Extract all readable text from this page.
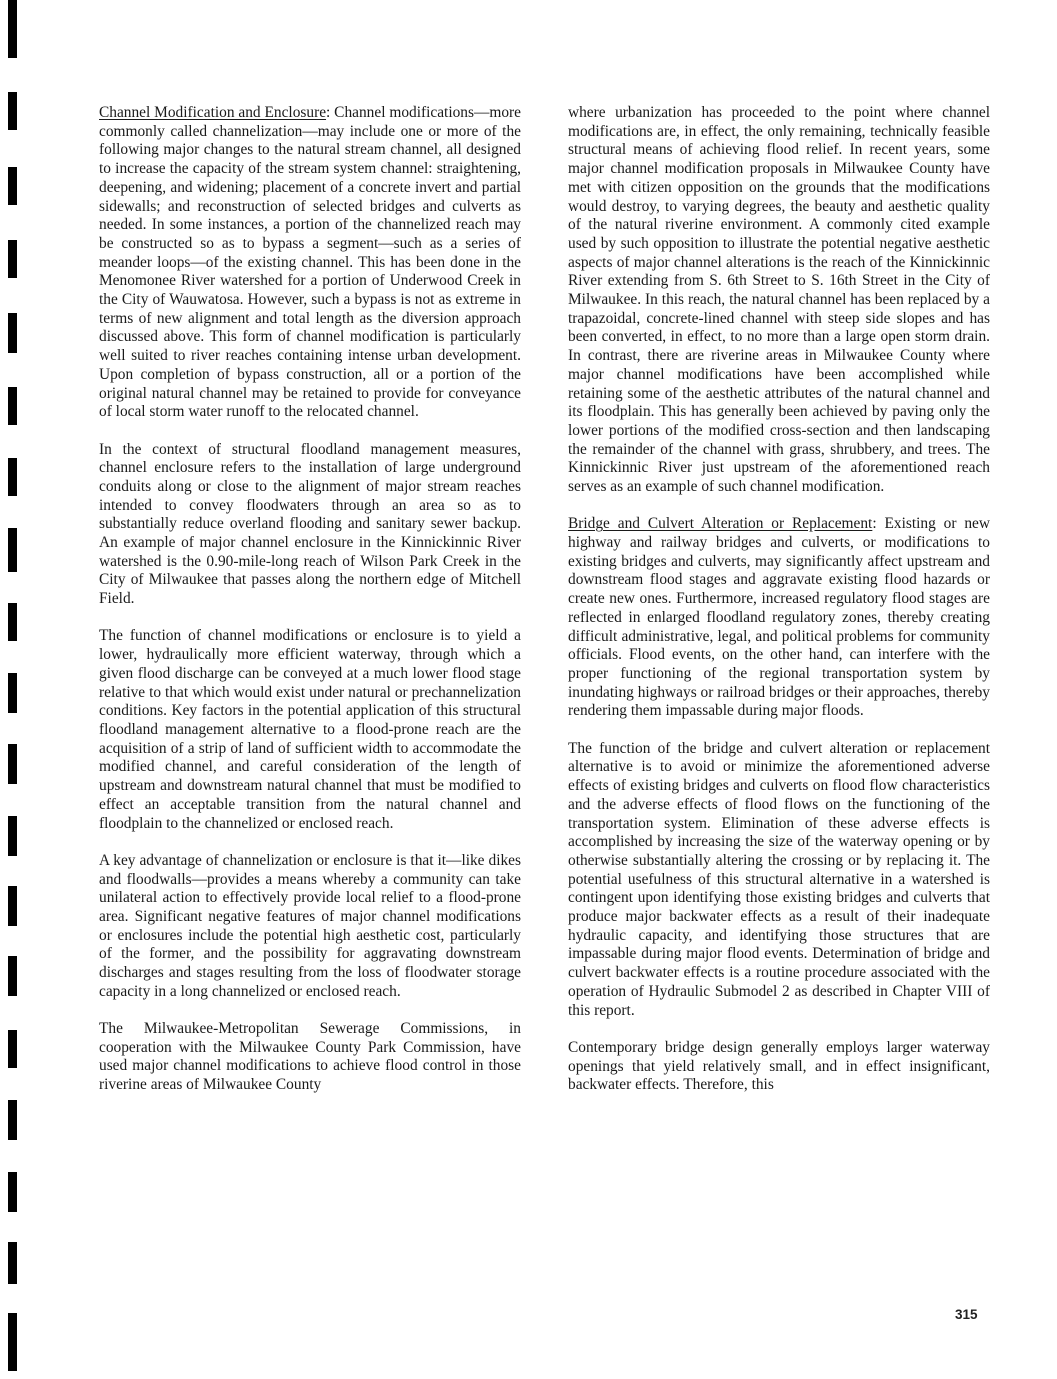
Channel Modification and Enclosure: Channel modifications—more commonly called channelization—may include one or more of the following major changes to the natural stream channel, all designed to increase the capacity of the stream system channel: straightening, deepening, and widening; placement of a concrete invert and partial sidewalls; and reconstruction of selected bridges and culverts as needed. In some instances, a portion of the channelized reach may be constructed so as to bypass a segment—such as a series of meander loops—of the existing channel. This has been done in the Menomonee River watershed for a portion of Underwood Creek in the City of Wauwatosa. However, such a bypass is not as extreme in terms of new alignment and total length as the diversion approach discussed above. This form of channel modification is particularly well suited to river reaches containing intense urban development. Upon completion of bypass construction, all or a portion of the original natural channel may be retained to provide for conveyance of local storm water runoff to the relocated channel.

In the context of structural floodland management measures, channel enclosure refers to the installation of large underground conduits along or close to the alignment of major stream reaches intended to convey floodwaters through an area so as to substantially reduce overland flooding and sanitary sewer backup. An example of major channel enclosure in the Kinnickinnic River watershed is the 0.90-mile-long reach of Wilson Park Creek in the City of Milwaukee that passes along the northern edge of Mitchell Field.

The function of channel modifications or enclosure is to yield a lower, hydraulically more efficient waterway, through which a given flood discharge can be conveyed at a much lower flood stage relative to that which would exist under natural or prechannelization conditions. Key factors in the potential application of this structural floodland management alternative to a flood-prone reach are the acquisition of a strip of land of sufficient width to accommodate the modified channel, and careful consideration of the length of upstream and downstream natural channel that must be modified to effect an acceptable transition from the natural channel and floodplain to the channelized or enclosed reach.

A key advantage of channelization or enclosure is that it—like dikes and floodwalls—provides a means whereby a community can take unilateral action to effectively provide local relief to a flood-prone area. Significant negative features of major channel modifications or enclosures include the potential high aesthetic cost, particularly of the former, and the possibility for aggravating downstream discharges and stages resulting from the loss of floodwater storage capacity in a long channelized or enclosed reach.

The Milwaukee-Metropolitan Sewerage Commissions, in cooperation with the Milwaukee County Park Commission, have used major channel modifications to achieve flood control in those riverine areas of Milwaukee County

where urbanization has proceeded to the point where channel modifications are, in effect, the only remaining, technically feasible structural means of achieving flood relief. In recent years, some major channel modification proposals in Milwaukee County have met with citizen opposition on the grounds that the modifications would destroy, to varying degrees, the beauty and aesthetic quality of the natural riverine environment. A commonly cited example used by such opposition to illustrate the potential negative aesthetic aspects of major channel alterations is the reach of the Kinnickinnic River extending from S. 6th Street to S. 16th Street in the City of Milwaukee. In this reach, the natural channel has been replaced by a trapazoidal, concrete-lined channel with steep side slopes and has been converted, in effect, to no more than a large open storm drain. In contrast, there are riverine areas in Milwaukee County where major channel modifications have been accomplished while retaining some of the aesthetic attributes of the natural channel and its floodplain. This has generally been achieved by paving only the lower portions of the modified cross-section and then landscaping the remainder of the channel with grass, shrubbery, and trees. The Kinnickinnic River just upstream of the aforementioned reach serves as an example of such channel modification.

Bridge and Culvert Alteration or Replacement: Existing or new highway and railway bridges and culverts, or modifications to existing bridges and culverts, may significantly affect upstream and downstream flood stages and aggravate existing flood hazards or create new ones. Furthermore, increased regulatory flood stages are reflected in enlarged floodland regulatory zones, thereby creating difficult administrative, legal, and political problems for community officials. Flood events, on the other hand, can interfere with the proper functioning of the regional transportation system by inundating highways or railroad bridges or their approaches, thereby rendering them impassable during major floods.

The function of the bridge and culvert alteration or replacement alternative is to avoid or minimize the aforementioned adverse effects of existing bridges and culverts on flood flow characteristics and the adverse effects of flood flows on the functioning of the transportation system. Elimination of these adverse effects is accomplished by increasing the size of the waterway opening or by otherwise substantially altering the crossing or by replacing it. The potential usefulness of this structural alternative in a watershed is contingent upon identifying those existing bridges and culverts that produce major backwater effects as a result of their inadequate hydraulic capacity, and identifying those structures that are impassable during major flood events. Determination of bridge and culvert backwater effects is a routine procedure associated with the operation of Hydraulic Submodel 2 as described in Chapter VIII of this report.

Contemporary bridge design generally employs larger waterway openings that yield relatively small, and in effect insignificant, backwater effects. Therefore, this

315
